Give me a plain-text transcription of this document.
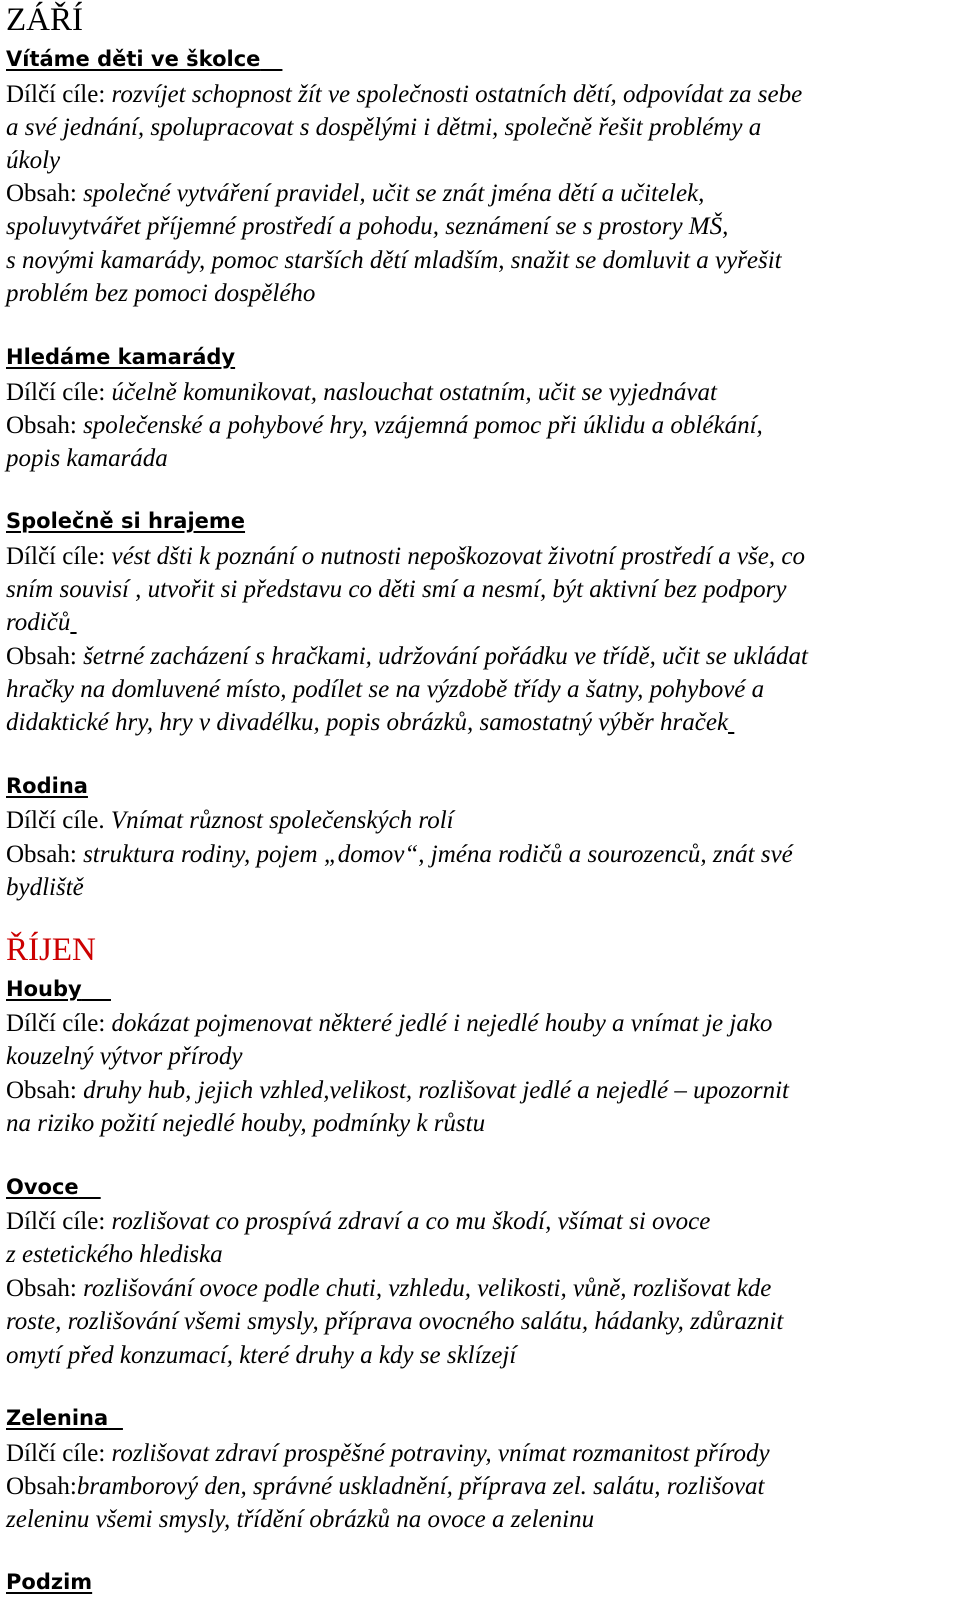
ZÁŘÍ
Vítáme děti ve školce
Dílčí cíle: rozvíjet schopnost žít ve společnosti ostatních dětí, odpovídat za sebe
a své jednání, spolupracovat s dospělými i dětmi, společně řešit problémy a
úkoly
Obsah: společné vytváření pravidel, učit se znát jména dětí a učitelek,
spoluvytvářet příjemné prostředí a pohodu, seznámení se s prostory MŠ,
s novými kamarády, pomoc starších dětí mladším, snažit se domluvit a vyřešit
problém bez pomoci dospělého
Hledáme kamarády
Dílčí cíle: účelně komunikovat, naslouchat ostatním, učit se vyjednávat
Obsah: společenské a pohybové hry, vzájemná pomoc při úklidu a oblékání,
popis kamaráda
Společně si hrajeme
Dílčí cíle: vést dšti k poznání o nutnosti nepoškozovat životní prostředí a vše, co
sním souvisí , utvořit si představu co děti smí a nesmí, být aktivní bez podpory
rodičů
Obsah: šetrné zacházení s hračkami, udržování pořádku ve třídě, učit se ukládat
hračky na domluvené místo, podílet se na výzdobě třídy a šatny, pohybové a
didaktické hry, hry v divadélku, popis obrázků, samostatný výběr hraček
Rodina
Dílčí cíle. Vnímat různost společenských rolí
Obsah: struktura rodiny, pojem „domov“, jména rodičů a sourozenců, znát své
bydliště
ŘÍJEN
Houby
Dílčí cíle: dokázat pojmenovat některé jedlé i nejedlé houby a vnímat je jako
kouzelný výtvor přírody
Obsah: druhy hub, jejich vzhled,velikost, rozlišovat jedlé a nejedlé – upozornit
na riziko požití nejedlé houby, podmínky k růstu
Ovoce
Dílčí cíle: rozlišovat co prospívá zdraví a co mu škodí, všímat si ovoce
z estetického hlediska
Obsah: rozlišování ovoce podle chuti, vzhledu, velikosti, vůně, rozlišovat kde
roste, rozlišování všemi smysly, příprava ovocného salátu, hádanky, zdůraznit
omytí před konzumací, které druhy a kdy se sklízejí
Zelenina
Dílčí cíle: rozlišovat zdraví prospěšné potraviny, vnímat rozmanitost přírody
Obsah:bramborový den, správné uskladnění, příprava zel. salátu, rozlišovat
zeleninu všemi smysly, třídění obrázků na ovoce a zeleninu
Podzim
